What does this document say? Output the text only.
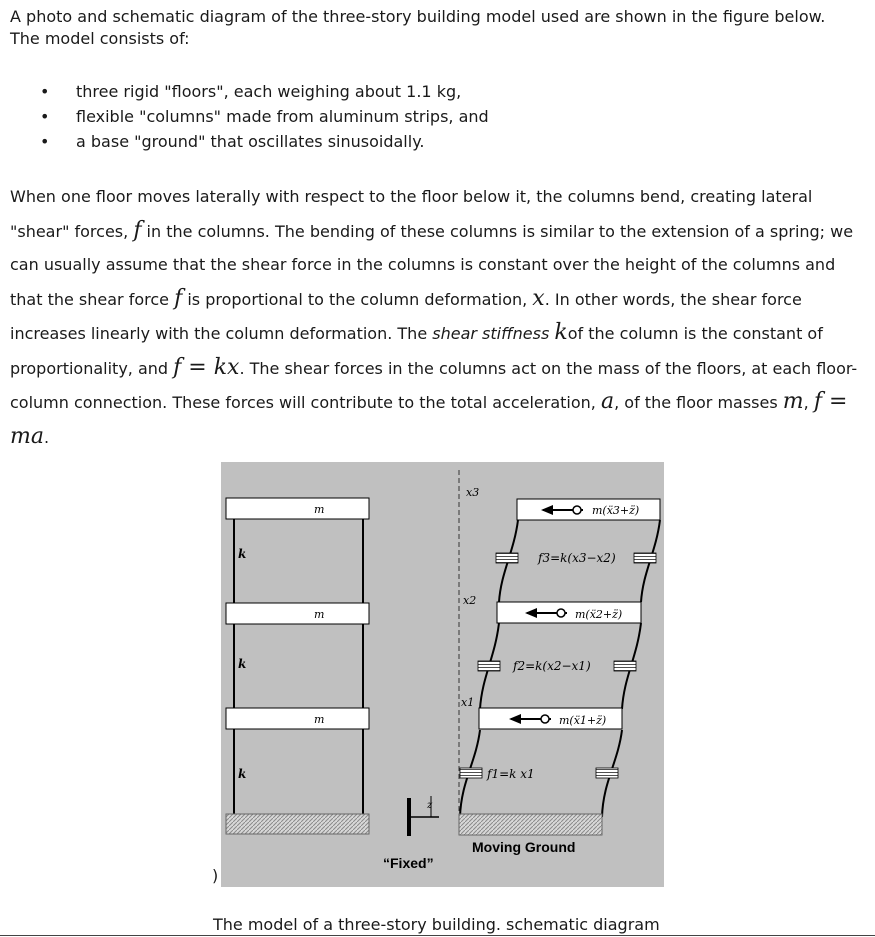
A photo and schematic diagram of the three-story building model used are shown in the figure below.
The model consists of:

• three rigid "floors", each weighing about 1.1 kg,
• flexible "columns" made from aluminum strips, and
• a base "ground" that oscillates sinusoidally.

When one floor moves laterally with respect to the floor below it, the columns bend, creating lateral "shear" forces, f in the columns. The bending of these columns is similar to the extension of a spring; we can usually assume that the shear force in the columns is constant over the height of the columns and that the shear force f is proportional to the column deformation, x. In other words, the shear force increases linearly with the column deformation. The shear stiffness kof the column is the constant of proportionality, and f = kx. The shear forces in the columns act on the mass of the floors, at each floor-column connection. These forces will contribute to the total acceleration, a, of the floor masses m, f = ma.

m
m
m
k
k
k
z
“Fixed”
x3
x2
x1
Moving Ground
m(ẍ3+z̈)
m(ẍ2+z̈)
m(ẍ1+z̈)
f3=k(x3−x2)
f2=k(x2−x1)
f1=k x1
)
The model of a three-story building. schematic diagram
